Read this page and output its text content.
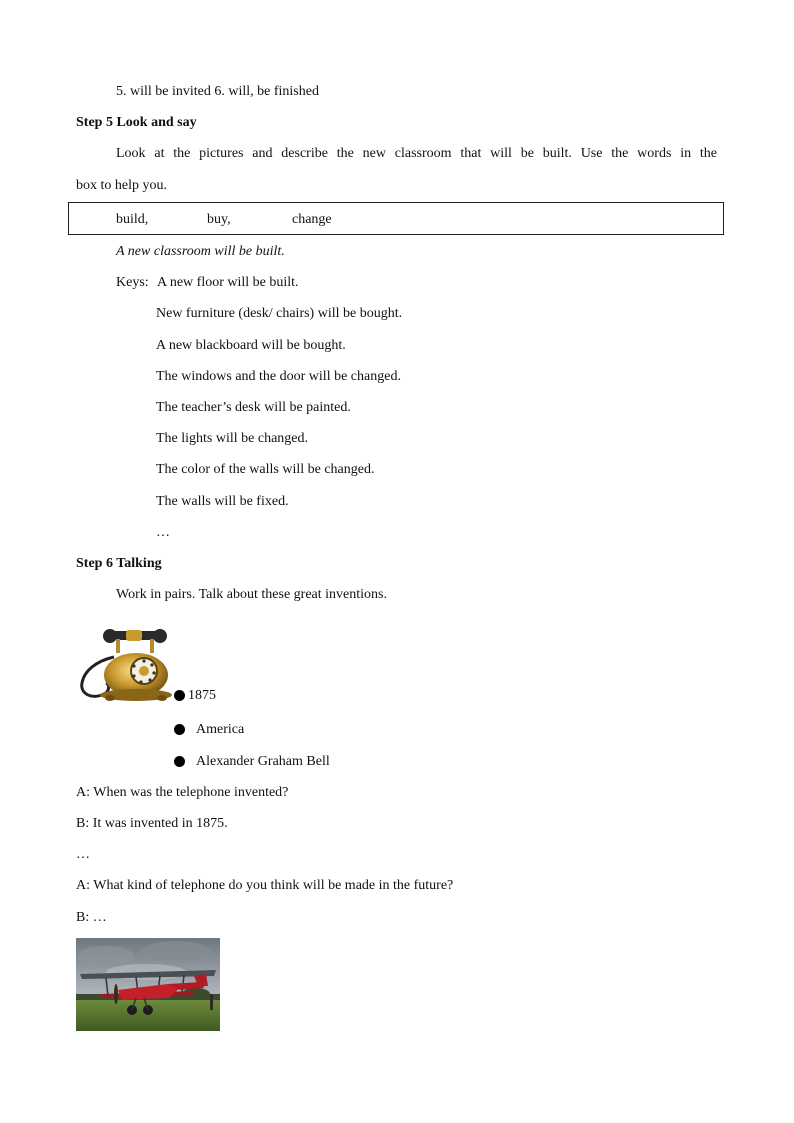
5. will be invited 6. will, be finished
Step 5 Look and say
Look at the pictures and describe the new classroom that will be built. Use the words in the
box to help you.
build,	buy,	change
A new classroom will be built.
Keys: A new floor will be built.
New furniture (desk/ chairs) will be bought.
A new blackboard will be bought.
The windows and the door will be changed.
The teacher’s desk will be painted.
The lights will be changed.
The color of the walls will be changed.
The walls will be fixed.
…
Step 6 Talking
Work in pairs. Talk about these great inventions.
1875
America
Alexander Graham Bell
A: When was the telephone invented?
B: It was invented in 1875.
…
A: What kind of telephone do you think will be made in the future?
B: …
